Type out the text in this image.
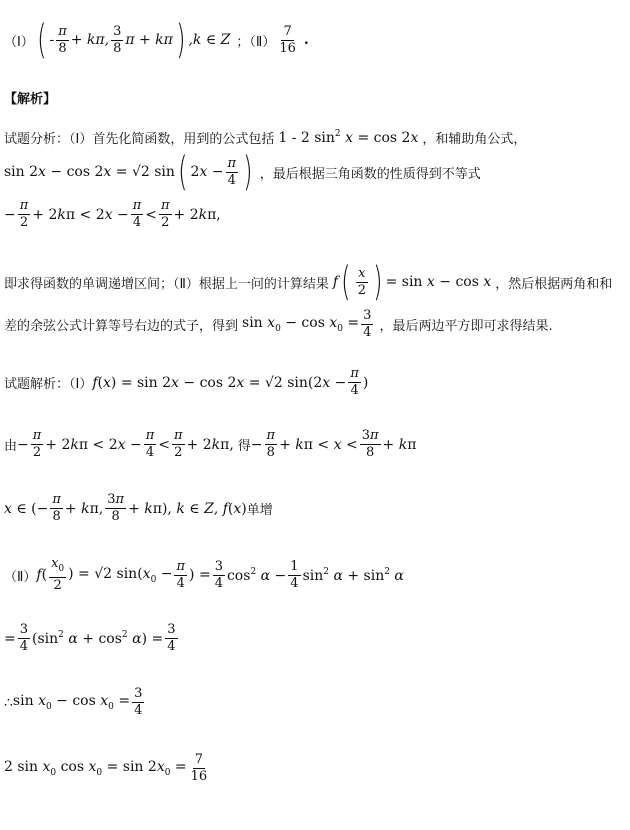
（Ⅰ） ( - $\frac{\pi}{8} + k\pi$, $\frac{3}{8}$ π + kπ ) ,k ∈ Z ；（Ⅱ） $\frac{7}{16}$ .
【解析】
试题分析：（Ⅰ）首先化简函数，用到的公式包括 1 - 2 $\sin^2 x = \cos 2x$ ，和辅助角公式，
sin 2x − cos 2x = √2 sin ( $2x - \frac{\pi}{4}$ ) ，最后根据三角函数的性质得到不等式
− $\frac{\pi}{2} + 2k\pi < 2x - \frac{\pi}{4} < \frac{\pi}{2} + 2k\pi$,
即求得函数的单调递增区间；（Ⅱ）根据上一问的计算结果 f ( $\frac{x}{2}$ ) = sin x − cos x ，然后根据两角和和
差的余弦公式计算等号右边的式子，得到 $\sin x_0 - \cos x_0 = \frac{3}{4}$ ，最后两边平方即可求得结果.
试题解析：（Ⅰ） f(x) = sin 2x − cos 2x = √2 $\sin(2x - \frac{\pi}{4}$ )
由 − $\frac{\pi}{2} + 2k\pi < 2x - \frac{\pi}{4} < \frac{\pi}{2} + 2k\pi$, 得 − $\frac{\pi}{8} + k\pi < x < \frac{3\pi}{8} + k\pi$
x ∈ (− $\frac{\pi}{8} + k\pi$, $\frac{3\pi}{8} + k\pi$), k ∈ Z, f(x) 单增
（Ⅱ） $f( \frac{x_0}{2}$ ) = √2 $\sin(x_0 - \frac{\pi}{4}$ ) = $\frac{3}{4} \cos^2 \alpha - \frac{1}{4} \sin^2 \alpha + \sin^2 \alpha$
= $\frac{3}{4} (\sin^2$ $\alpha + \cos^2 \alpha) = \frac{3}{4}$
∴ $\sin x_0 - \cos x_0 = \frac{3}{4}$
2 $\sin x_0$ $\cos x_0 = \sin 2x_0 = \frac{7}{16}$
